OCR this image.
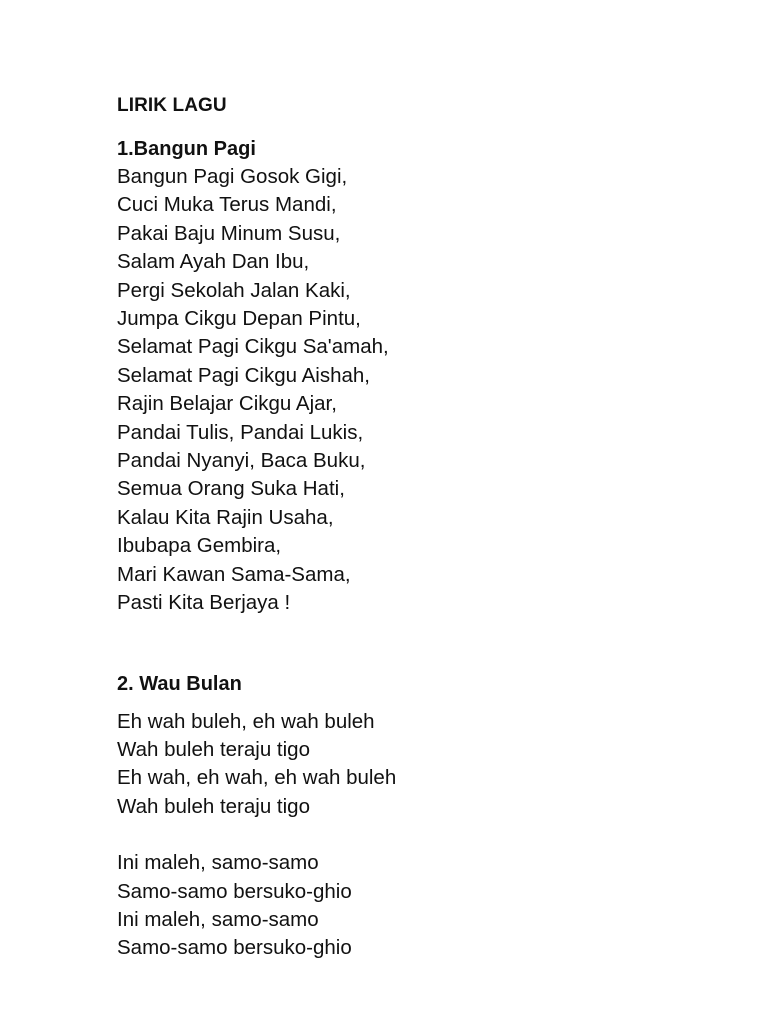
LIRIK LAGU
1.Bangun Pagi
Bangun Pagi Gosok Gigi,
Cuci Muka Terus Mandi,
Pakai Baju Minum Susu,
Salam Ayah Dan Ibu,
Pergi Sekolah Jalan Kaki,
Jumpa Cikgu Depan Pintu,
Selamat Pagi Cikgu Sa'amah,
Selamat Pagi Cikgu Aishah,
Rajin Belajar Cikgu Ajar,
Pandai Tulis, Pandai Lukis,
Pandai Nyanyi, Baca Buku,
Semua Orang Suka Hati,
Kalau Kita Rajin Usaha,
Ibubapa Gembira,
Mari Kawan Sama-Sama,
Pasti Kita Berjaya !
2. Wau Bulan
Eh wah buleh, eh wah buleh
Wah buleh teraju tigo
Eh wah, eh wah, eh wah buleh
Wah buleh teraju tigo
Ini maleh, samo-samo
Samo-samo bersuko-ghio
Ini maleh, samo-samo
Samo-samo bersuko-ghio
